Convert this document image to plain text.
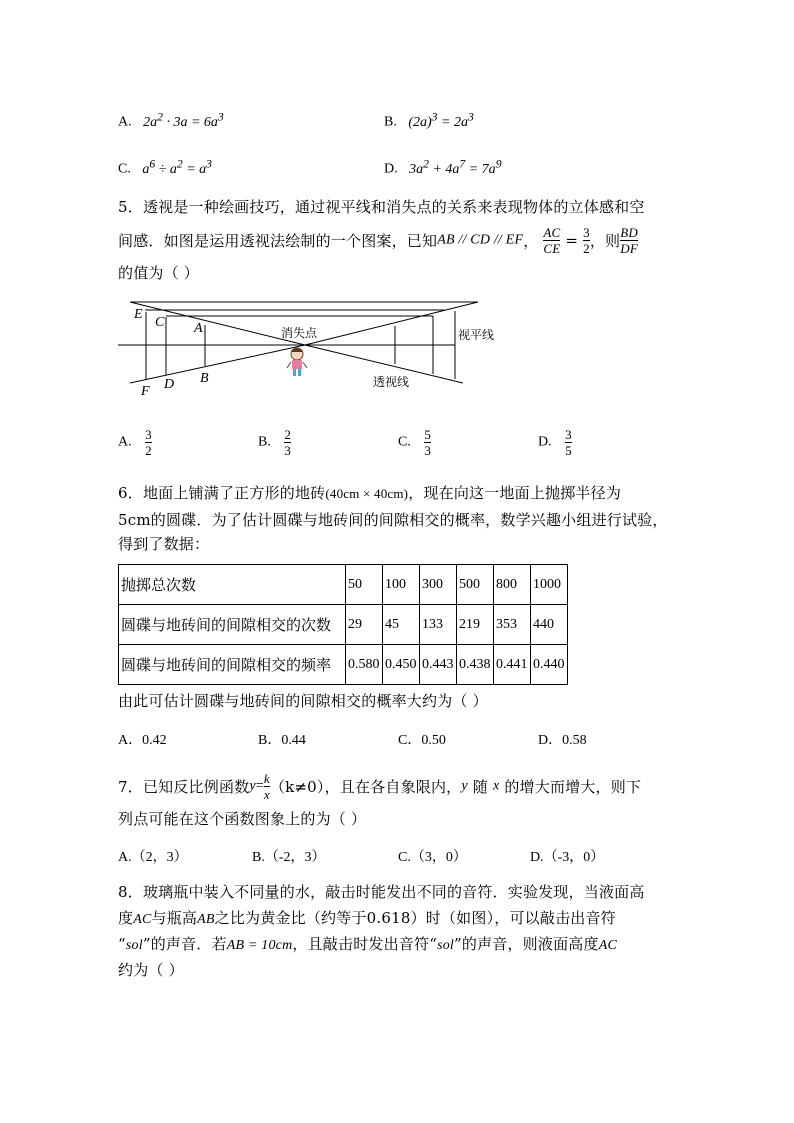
A. $2a^2 \cdot 3a = 6a^3$	B. $(2a)^3 = 2a^3$
C. $a^6 \div a^2 = a^3$	D. $3a^2 + 4a^7 = 7a^9$
5．透视是一种绘画技巧，通过视平线和消失点的关系来表现物体的立体感和空
间感．如图是运用透视法绘制的一个图案，已知AB // CD // EF， $\frac{AC}{CE} = \frac{3}{2}$ ，则 $\frac{BD}{DF}$
的值为（ ）
E
C A
B
D
F
消失点	视平线
透视线
A. $\frac{3}{2}$	B. $\frac{2}{3}$	C. $\frac{5}{3}$	D. $\frac{3}{5}$
6．地面上铺满了正方形的地砖(40cm × 40cm)，现在向这一地面上抛掷半径为
5cm的圆碟．为了估计圆碟与地砖间的间隙相交的概率，数学兴趣小组进行试验，
得到了数据：
抛掷总次数	50	100	300	500	800	1000
圆碟与地砖间的间隙相交的次数	29	45	133	219	353	440
圆碟与地砖间的间隙相交的频率	0.580	0.450	0.443	0.438	0.441	0.440
由此可估计圆碟与地砖间的间隙相交的概率大约为（ ）
A．0.42	B．0.44	C．0.50	D．0.58
7．已知反比例函数$y= \frac{k}{x} (k\ne 0)$，且在各自象限内，y 随 x 的增大而增大，则下
列点可能在这个函数图象上的为（ ）
A.（2，3）	B.（-2，3）	C.（3，0）	D.（-3，0）
8．玻璃瓶中装入不同量的水，敲击时能发出不同的音符．实验发现，当液面高
度AC与瓶高AB之比为黄金比（约等于0.618）时（如图），可以敲击出音符
“sol”的声音．若AB = 10cm，且敲击时发出音符“sol”的声音，则液面高度AC
约为（ ）
